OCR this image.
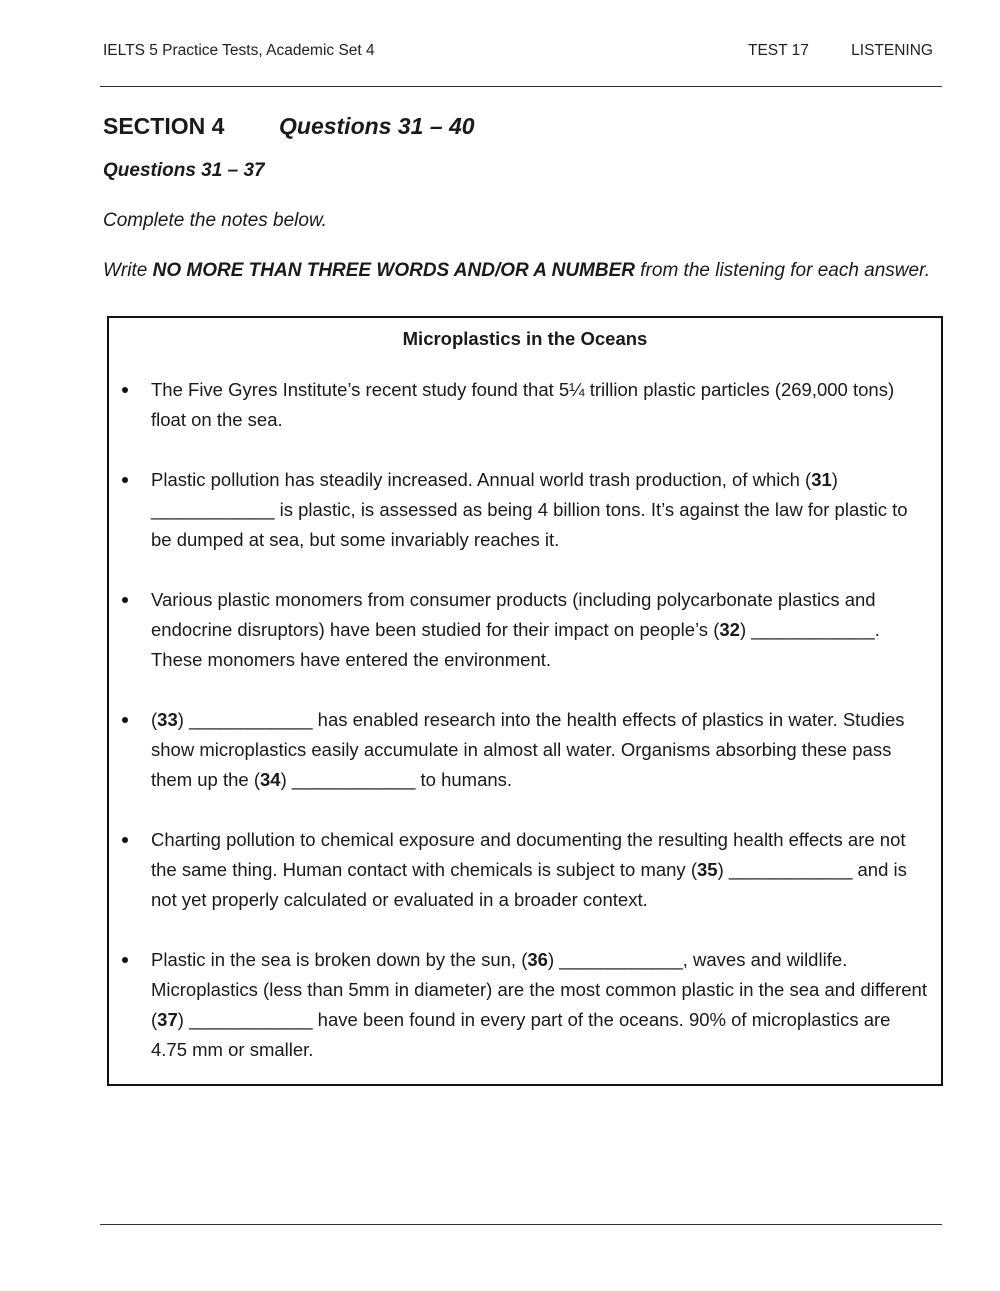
IELTS 5 Practice Tests, Academic Set 4	TEST 17	LISTENING
SECTION 4 Questions 31 – 40
Questions 31 – 37
Complete the notes below.
Write NO MORE THAN THREE WORDS AND/OR A NUMBER from the listening for each answer.
Microplastics in the Oceans
The Five Gyres Institute’s recent study found that 5¼ trillion plastic particles (269,000 tons) float on the sea.
Plastic pollution has steadily increased. Annual world trash production, of which (31) ____________ is plastic, is assessed as being 4 billion tons. It’s against the law for plastic to be dumped at sea, but some invariably reaches it.
Various plastic monomers from consumer products (including polycarbonate plastics and endocrine disruptors) have been studied for their impact on people’s (32) ____________. These monomers have entered the environment.
(33) ____________ has enabled research into the health effects of plastics in water. Studies show microplastics easily accumulate in almost all water. Organisms absorbing these pass them up the (34) ____________ to humans.
Charting pollution to chemical exposure and documenting the resulting health effects are not the same thing. Human contact with chemicals is subject to many (35) ____________ and is not yet properly calculated or evaluated in a broader context.
Plastic in the sea is broken down by the sun, (36) ____________, waves and wildlife. Microplastics (less than 5mm in diameter) are the most common plastic in the sea and different (37) ____________ have been found in every part of the oceans. 90% of microplastics are 4.75 mm or smaller.
